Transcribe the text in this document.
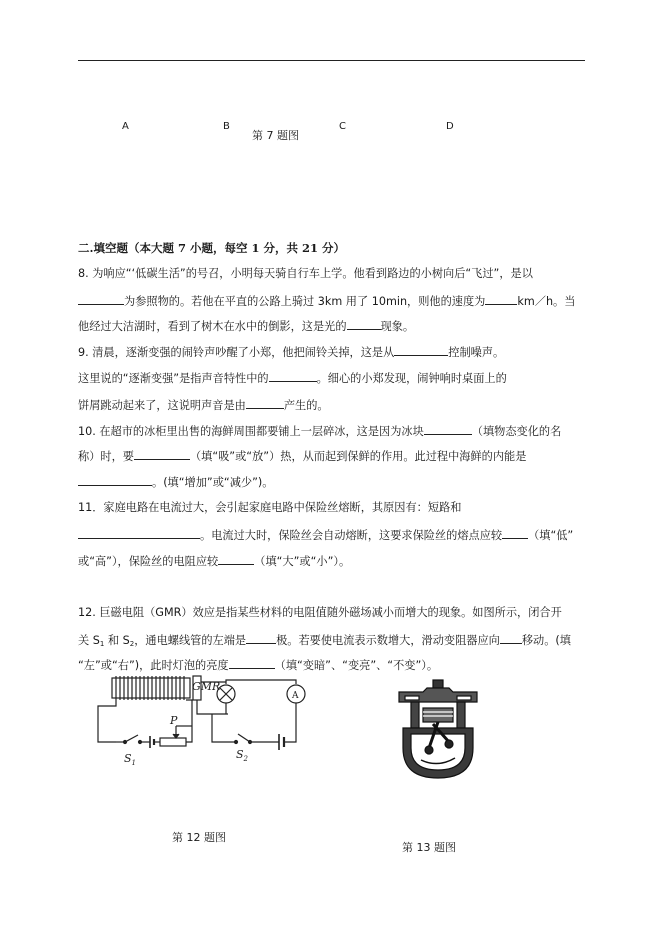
A	B	C	D
第 7 题图
二.填空题（本大题 7 小题，每空 1 分，共 21 分）
8. 为响应“‘低碳生活”的号召，小明每天骑自行车上学。他看到路边的小树向后“飞过”，是以
为参照物的。若他在平直的公路上骑过 3km 用了 10min，则他的速度为	km／h。当
他经过大洁湖时，看到了树木在水中的倒影，这是光的	现象。
9. 清晨，逐渐变强的闹铃声吵醒了小郑，他把闹铃关掉，这是从	控制噪声。
这里说的“逐渐变强”是指声音特性中的	。细心的小郑发现，闹钟响时桌面上的
饼屑跳动起来了，这说明声音是由	产生的。
10. 在超市的冰柜里出售的海鲜周围都要铺上一层碎冰，这是因为冰块	（填物态变化的名
称）时，要	（填“吸”或“放”）热，从而起到保鲜的作用。此过程中海鲜的内能是
。(填“增加”或“减少”)。
11．家庭电路在电流过大，会引起家庭电路中保险丝熔断，其原因有：短路和
。电流过大时，保险丝会自动熔断，这要求保险丝的熔点应较 （填“低”
或“高”），保险丝的电阻应较	（填“大”或“小”）。
12. 巨磁电阻（GMR）效应是指某些材料的电阻值随外磁场减小而增大的现象。如图所示，闭合开
关 $S_1$ 和 $S_2$，通电螺线管的左端是	极。若要使电流表示数增大，滑动变阻器应向 移动。(填
“左”或“右”)，此时灯泡的亮度	（填“变暗”、“变亮”、“不变”）。
GMR
P
A
$S_1$
$S_2$
第 12 题图
第 13 题图
